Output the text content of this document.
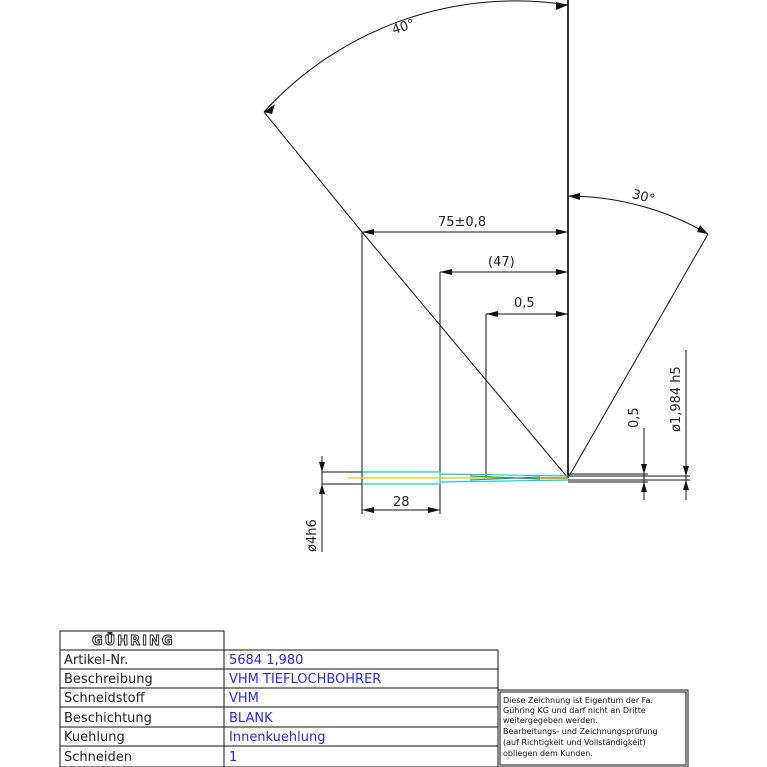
40°
30°
75±0,8
(47)
0,5
28
0,5 ø1,984 h5
ø4h6
GÜHRING
Artikel-Nr.	5684 1,980
Beschreibung	VHM TIEFLOCHBOHRER
Schneidstoff	VHM
Beschichtung	BLANK
Kuehlung	Innenkuehlung
Schneiden	1
Diese Zeichnung ist Eigentum der Fa.
Gühring KG und darf nicht an Dritte
weitergegeben werden.
Bearbeitungs- und Zeichnungsprüfung
(auf Richtigkeit und Vollständigkeit)
obliegen dem Kunden.
